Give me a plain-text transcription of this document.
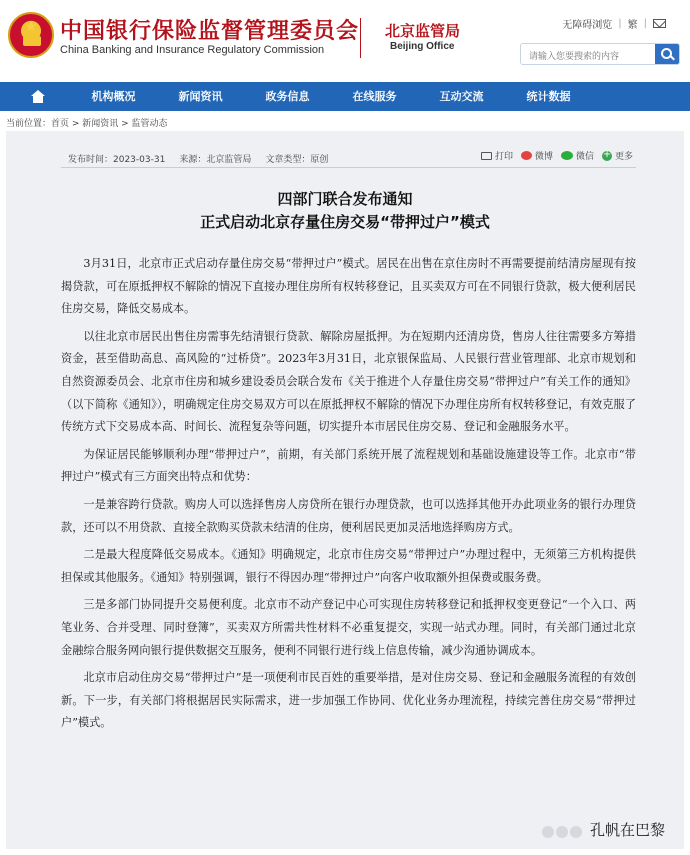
★	中国银行保险监督管理委员会
China Banking and Insurance Regulatory Commission
北京监管局
Beijing Office
无障碍浏览 | 繁 |
请输入您要搜索的内容
机构概况	新闻资讯	政务信息	在线服务	互动交流	统计数据
当前位置：首页 > 新闻资讯 > 监管动态
发布时间：2023-03-31 来源：北京监管局 文章类型：原创	打印 微博	微信
+ 更多
四部门联合发布通知
正式启动北京存量住房交易“带押过户”模式

3月31日，北京市正式启动存量住房交易“带押过户”模式。居民在出售在京住房时不再需要提前结清房屋现有按揭贷款，可在原抵押权不解除的情况下直接办理住房所有权转移登记，且买卖双方可在不同银行贷款，极大便利居民住房交易，降低交易成本。

以往北京市居民出售住房需事先结清银行贷款、解除房屋抵押。为在短期内还清房贷，售房人往往需要多方筹措资金，甚至借助高息、高风险的“过桥贷”。2023年3月31日，北京银保监局、人民银行营业管理部、北京市规划和自然资源委员会、北京市住房和城乡建设委员会联合发布《关于推进个人存量住房交易“带押过户”有关工作的通知》（以下简称《通知》），明确规定住房交易双方可以在原抵押权不解除的情况下办理住房所有权转移登记，有效克服了传统方式下交易成本高、时间长、流程复杂等问题，切实提升本市居民住房交易、登记和金融服务水平。

为保证居民能够顺利办理“带押过户”，前期，有关部门系统开展了流程规划和基础设施建设等工作。北京市“带押过户”模式有三方面突出特点和优势：

一是兼容跨行贷款。购房人可以选择售房人房贷所在银行办理贷款，也可以选择其他开办此项业务的银行办理贷款，还可以不用贷款、直接全款购买贷款未结清的住房，便利居民更加灵活地选择购房方式。

二是最大程度降低交易成本。《通知》明确规定，北京市住房交易“带押过户”办理过程中，无须第三方机构提供担保或其他服务。《通知》特别强调，银行不得因办理“带押过户”向客户收取额外担保费或服务费。

三是多部门协同提升交易便利度。北京市不动产登记中心可实现住房转移登记和抵押权变更登记“一个入口、两笔业务、合并受理、同时登簿”，买卖双方所需共性材料不必重复提交，实现一站式办理。同时，有关部门通过北京金融综合服务网向银行提供数据交互服务，便利不同银行进行线上信息传输，减少沟通协调成本。

北京市启动住房交易“带押过户”是一项便利市民百姓的重要举措，是对住房交易、登记和金融服务流程的有效创新。下一步，有关部门将根据居民实际需求，进一步加强工作协同、优化业务办理流程，持续完善住房交易“带押过户”模式。

孔帆在巴黎
